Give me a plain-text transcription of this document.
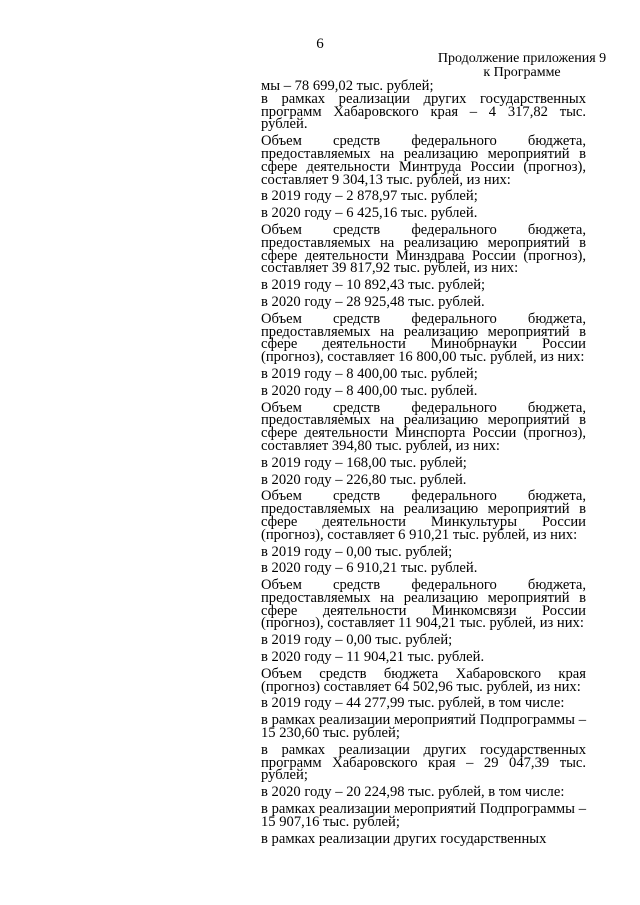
6
Продолжение приложения 9
к Программе

мы – 78 699,02 тыс. рублей;

в рамках реализации других государственных программ Хабаровского края – 4 317,82 тыс. рублей.

Объем средств федерального бюджета, предоставляемых на реализацию мероприятий в сфере деятельности Минтруда России (прогноз), составляет 9 304,13 тыс. рублей, из них:

в 2019 году – 2 878,97 тыс. рублей;

в 2020 году – 6 425,16 тыс. рублей.

Объем средств федерального бюджета, предоставляемых на реализацию мероприятий в сфере деятельности Минздрава России (прогноз), составляет 39 817,92 тыс. рублей, из них:

в 2019 году – 10 892,43 тыс. рублей;

в 2020 году – 28 925,48 тыс. рублей.

Объем средств федерального бюджета, предоставляемых на реализацию мероприятий в сфере деятельности Минобрнауки России (прогноз), составляет 16 800,00 тыс. рублей, из них:

в 2019 году – 8 400,00 тыс. рублей;

в 2020 году – 8 400,00 тыс. рублей.

Объем средств федерального бюджета, предоставляемых на реализацию мероприятий в сфере деятельности Минспорта России (прогноз), составляет 394,80 тыс. рублей, из них:

в 2019 году – 168,00 тыс. рублей;

в 2020 году – 226,80 тыс. рублей.

Объем средств федерального бюджета, предоставляемых на реализацию мероприятий в сфере деятельности Минкультуры России (прогноз), составляет 6 910,21 тыс. рублей, из них:

в 2019 году – 0,00 тыс. рублей;

в 2020 году – 6 910,21 тыс. рублей.

Объем средств федерального бюджета, предоставляемых на реализацию мероприятий в сфере деятельности Минкомсвязи России (прогноз), составляет 11 904,21 тыс. рублей, из них:

в 2019 году – 0,00 тыс. рублей;

в 2020 году – 11 904,21 тыс. рублей.

Объем средств бюджета Хабаровского края (прогноз) составляет 64 502,96 тыс. рублей, из них:

в 2019 году – 44 277,99 тыс. рублей, в том числе:

в рамках реализации мероприятий Подпрограммы – 15 230,60 тыс. рублей;

в рамках реализации других государственных программ Хабаровского края – 29 047,39 тыс. рублей;

в 2020 году – 20 224,98 тыс. рублей, в том числе:

в рамках реализации мероприятий Подпрограммы – 15 907,16 тыс. рублей;

в рамках реализации других государственных
